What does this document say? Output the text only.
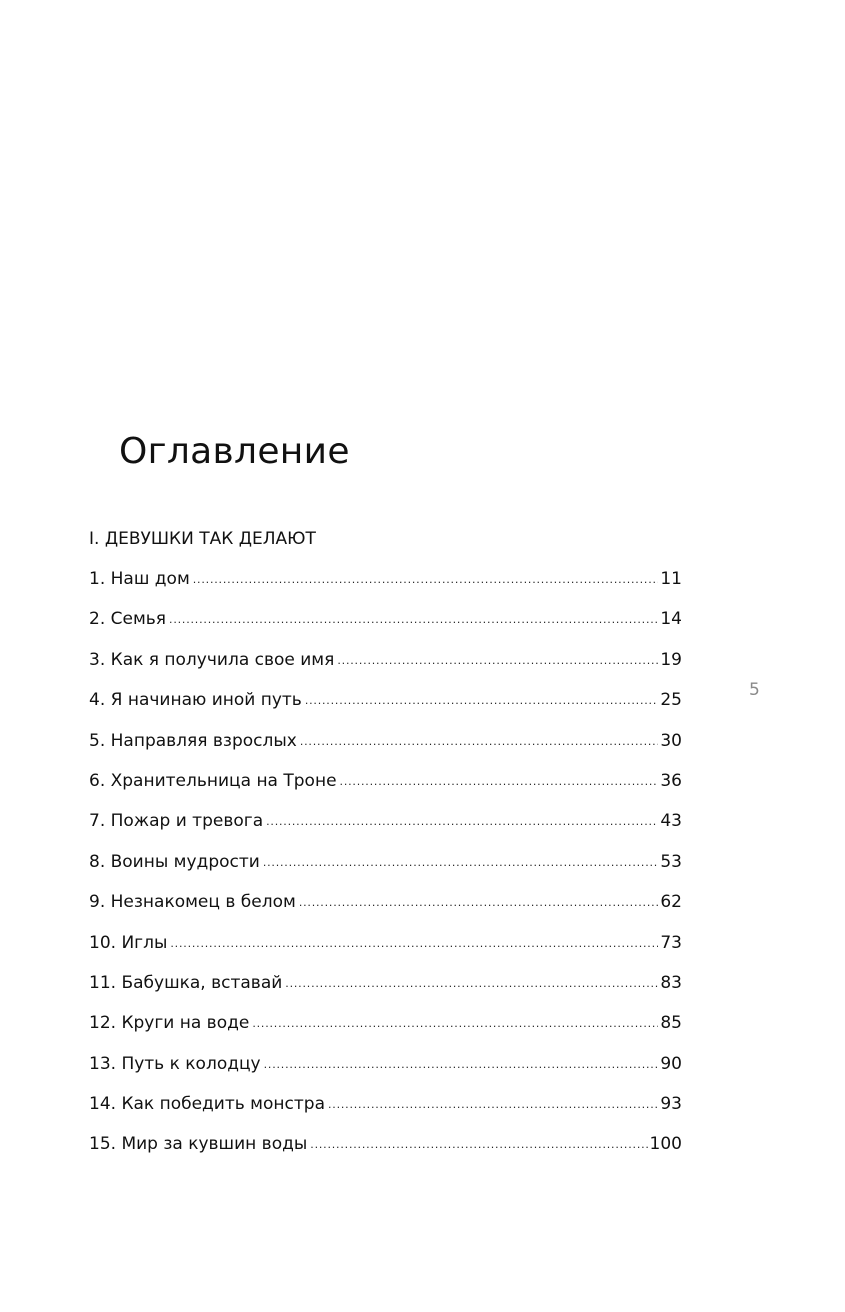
Оглавление
I. ДЕВУШКИ ТАК ДЕЛАЮТ
1. Наш дом .....	11
2. Семья .....	14
3. Как я получила свое имя .....	19
4. Я начинаю иной путь .....	25
5. Направляя взрослых .....	30
6. Хранительница на Троне .....	36
7. Пожар и тревога .....	43
8. Воины мудрости .....	53
9. Незнакомец в белом .....	62
10. Иглы .....	73
11. Бабушка, вставай .....	83
12. Круги на воде .....	85
13. Путь к колодцу .....	90
14. Как победить монстра .....	93
15. Мир за кувшин воды .....	100
5
